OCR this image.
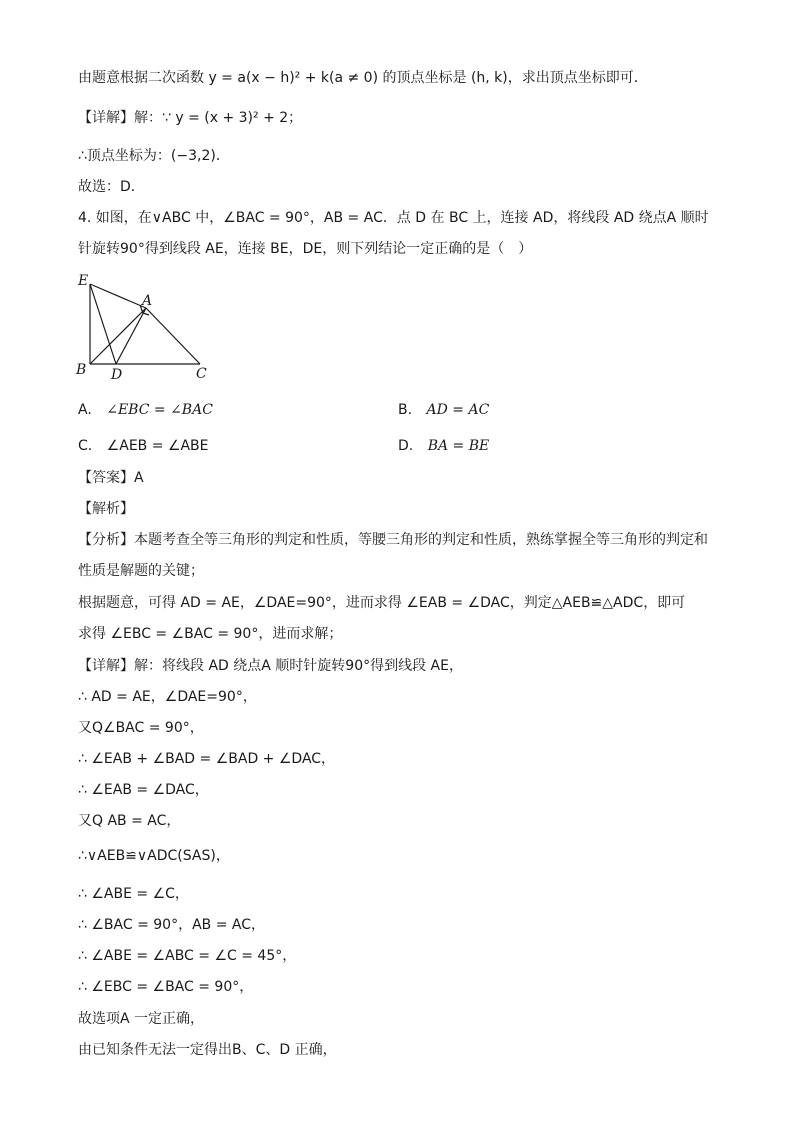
由题意根据二次函数 y = a(x − h)² + k(a ≠ 0) 的顶点坐标是 (h, k)，求出顶点坐标即可．
【详解】解：∵ y = (x + 3)² + 2；
∴顶点坐标为：(−3,2)．
故选：D．
4. 如图，在∨ABC 中，∠BAC = 90°，AB = AC．点 D 在 BC 上，连接 AD，将线段 AD 绕点A 顺时
针旋转90°得到线段 AE，连接 BE，DE，则下列结论一定正确的是（　）
E
A
B D	C
A. ∠EBC = ∠BAC	B. AD = AC
C. ∠AEB = ∠ABE	D. BA = BE
【答案】A
【解析】
【分析】本题考查全等三角形的判定和性质，等腰三角形的判定和性质，熟练掌握全等三角形的判定和
性质是解题的关键；
根据题意，可得 AD = AE，∠DAE=90°，进而求得 ∠EAB = ∠DAC，判定△AEB≌△ADC，即可
求得 ∠EBC = ∠BAC = 90°，进而求解；
【详解】解：将线段 AD 绕点A 顺时针旋转90°得到线段 AE，
∴ AD = AE，∠DAE=90°，
又Q∠BAC = 90°，
∴ ∠EAB + ∠BAD = ∠BAD + ∠DAC，
∴ ∠EAB = ∠DAC，
又Q AB = AC，
∴∨AEB≌∨ADC(SAS)，
∴ ∠ABE = ∠C，
∴ ∠BAC = 90°，AB = AC，
∴ ∠ABE = ∠ABC = ∠C = 45°，
∴ ∠EBC = ∠BAC = 90°，
故选项A 一定正确，
由已知条件无法一定得出B、C、D 正确，
